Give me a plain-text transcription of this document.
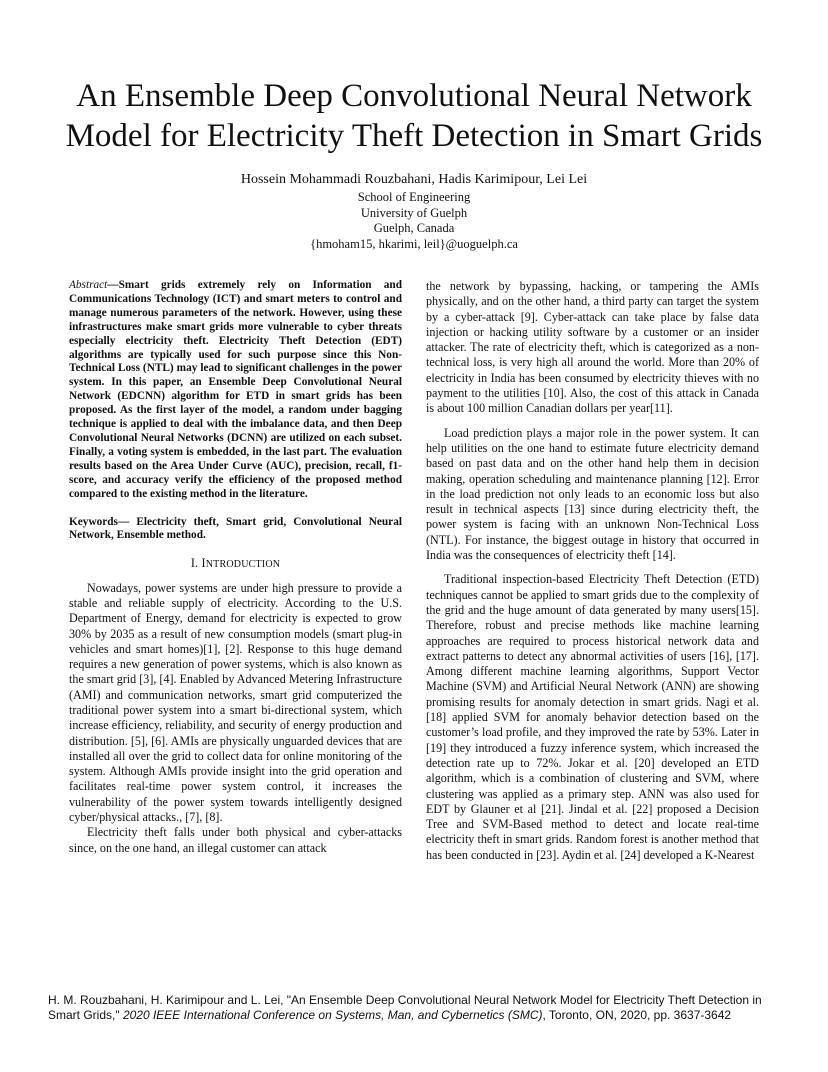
An Ensemble Deep Convolutional Neural Network Model for Electricity Theft Detection in Smart Grids
Hossein Mohammadi Rouzbahani, Hadis Karimipour, Lei Lei
School of Engineering
University of Guelph
Guelph, Canada
{hmoham15, hkarimi, leil}@uoguelph.ca

Abstract—Smart grids extremely rely on Information and Communications Technology (ICT) and smart meters to control and manage numerous parameters of the network. However, using these infrastructures make smart grids more vulnerable to cyber threats especially electricity theft. Electricity Theft Detection (EDT) algorithms are typically used for such purpose since this Non-Technical Loss (NTL) may lead to significant challenges in the power system. In this paper, an Ensemble Deep Convolutional Neural Network (EDCNN) algorithm for ETD in smart grids has been proposed. As the first layer of the model, a random under bagging technique is applied to deal with the imbalance data, and then Deep Convolutional Neural Networks (DCNN) are utilized on each subset. Finally, a voting system is embedded, in the last part. The evaluation results based on the Area Under Curve (AUC), precision, recall, f1-score, and accuracy verify the efficiency of the proposed method compared to the existing method in the literature.

Keywords— Electricity theft, Smart grid, Convolutional Neural Network, Ensemble method.

I. INTRODUCTION

Nowadays, power systems are under high pressure to provide a stable and reliable supply of electricity. According to the U.S. Department of Energy, demand for electricity is expected to grow 30% by 2035 as a result of new consumption models (smart plug-in vehicles and smart homes)[1], [2]. Response to this huge demand requires a new generation of power systems, which is also known as the smart grid [3], [4]. Enabled by Advanced Metering Infrastructure (AMI) and communication networks, smart grid computerized the traditional power system into a smart bi-directional system, which increase efficiency, reliability, and security of energy production and distribution. [5], [6]. AMIs are physically unguarded devices that are installed all over the grid to collect data for online monitoring of the system. Although AMIs provide insight into the grid operation and facilitates real-time power system control, it increases the vulnerability of the power system towards intelligently designed cyber/physical attacks., [7], [8].

Electricity theft falls under both physical and cyber-attacks since, on the one hand, an illegal customer can attack

the network by bypassing, hacking, or tampering the AMIs physically, and on the other hand, a third party can target the system by a cyber-attack [9]. Cyber-attack can take place by false data injection or hacking utility software by a customer or an insider attacker. The rate of electricity theft, which is categorized as a non-technical loss, is very high all around the world. More than 20% of electricity in India has been consumed by electricity thieves with no payment to the utilities [10]. Also, the cost of this attack in Canada is about 100 million Canadian dollars per year[11].

Load prediction plays a major role in the power system. It can help utilities on the one hand to estimate future electricity demand based on past data and on the other hand help them in decision making, operation scheduling and maintenance planning [12]. Error in the load prediction not only leads to an economic loss but also result in technical aspects [13] since during electricity theft, the power system is facing with an unknown Non-Technical Loss (NTL). For instance, the biggest outage in history that occurred in India was the consequences of electricity theft [14].

Traditional inspection-based Electricity Theft Detection (ETD) techniques cannot be applied to smart grids due to the complexity of the grid and the huge amount of data generated by many users[15]. Therefore, robust and precise methods like machine learning approaches are required to process historical network data and extract patterns to detect any abnormal activities of users [16], [17]. Among different machine learning algorithms, Support Vector Machine (SVM) and Artificial Neural Network (ANN) are showing promising results for anomaly detection in smart grids. Nagi et al. [18] applied SVM for anomaly behavior detection based on the customer’s load profile, and they improved the rate by 53%. Later in [19] they introduced a fuzzy inference system, which increased the detection rate up to 72%. Jokar et al. [20] developed an ETD algorithm, which is a combination of clustering and SVM, where clustering was applied as a primary step. ANN was also used for EDT by Glauner et al [21]. Jindal et al. [22] proposed a Decision Tree and SVM-Based method to detect and locate real-time electricity theft in smart grids. Random forest is another method that has been conducted in [23]. Aydin et al. [24] developed a K-Nearest

H. M. Rouzbahani, H. Karimipour and L. Lei, "An Ensemble Deep Convolutional Neural Network Model for Electricity Theft Detection in Smart Grids," 2020 IEEE International Conference on Systems, Man, and Cybernetics (SMC), Toronto, ON, 2020, pp. 3637-3642
